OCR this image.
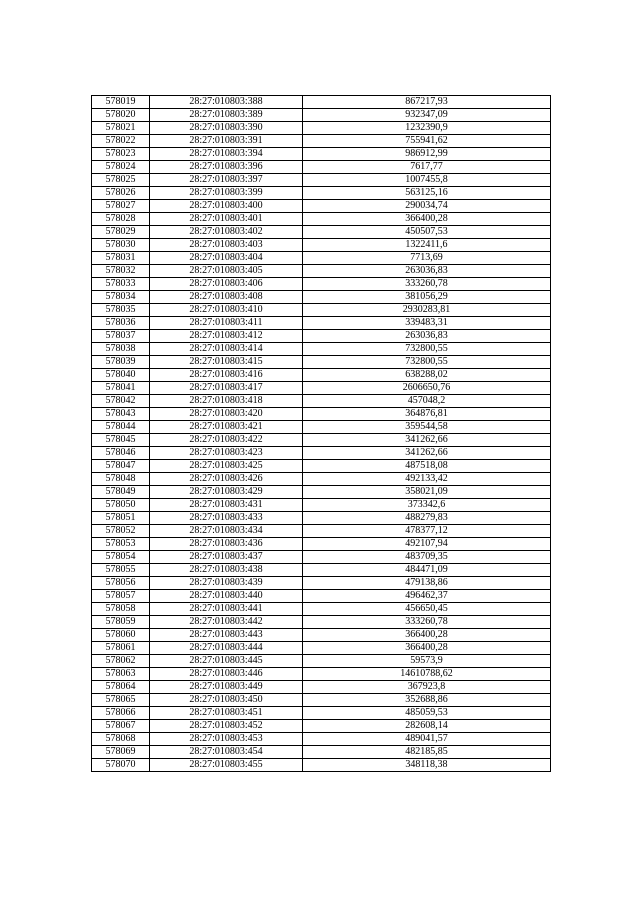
578019	28:27:010803:388	867217,93
578020	28:27:010803:389	932347,09
578021	28:27:010803:390	1232390,9
578022	28:27:010803:391	755941,62
578023	28:27:010803:394	986912,99
578024	28:27:010803:396	7617,77
578025	28:27:010803:397	1007455,8
578026	28:27:010803:399	563125,16
578027	28:27:010803:400	290034,74
578028	28:27:010803:401	366400,28
578029	28:27:010803:402	450507,53
578030	28:27:010803:403	1322411,6
578031	28:27:010803:404	7713,69
578032	28:27:010803:405	263036,83
578033	28:27:010803:406	333260,78
578034	28:27:010803:408	381056,29
578035	28:27:010803:410	2930283,81
578036	28:27:010803:411	339483,31
578037	28:27:010803:412	263036,83
578038	28:27:010803:414	732800,55
578039	28:27:010803:415	732800,55
578040	28:27:010803:416	638288,02
578041	28:27:010803:417	2606650,76
578042	28:27:010803:418	457048,2
578043	28:27:010803:420	364876,81
578044	28:27:010803:421	359544,58
578045	28:27:010803:422	341262,66
578046	28:27:010803:423	341262,66
578047	28:27:010803:425	487518,08
578048	28:27:010803:426	492133,42
578049	28:27:010803:429	358021,09
578050	28:27:010803:431	373342,6
578051	28:27:010803:433	488279,83
578052	28:27:010803:434	478377,12
578053	28:27:010803:436	492107,94
578054	28:27:010803:437	483709,35
578055	28:27:010803:438	484471,09
578056	28:27:010803:439	479138,86
578057	28:27:010803:440	496462,37
578058	28:27:010803:441	456650,45
578059	28:27:010803:442	333260,78
578060	28:27:010803:443	366400,28
578061	28:27:010803:444	366400,28
578062	28:27:010803:445	59573,9
578063	28:27:010803:446	14610788,62
578064	28:27:010803:449	367923,8
578065	28:27:010803:450	352688,86
578066	28:27:010803:451	485059,53
578067	28:27:010803:452	282608,14
578068	28:27:010803:453	489041,57
578069	28:27:010803:454	482185,85
578070	28:27:010803:455	348118,38
